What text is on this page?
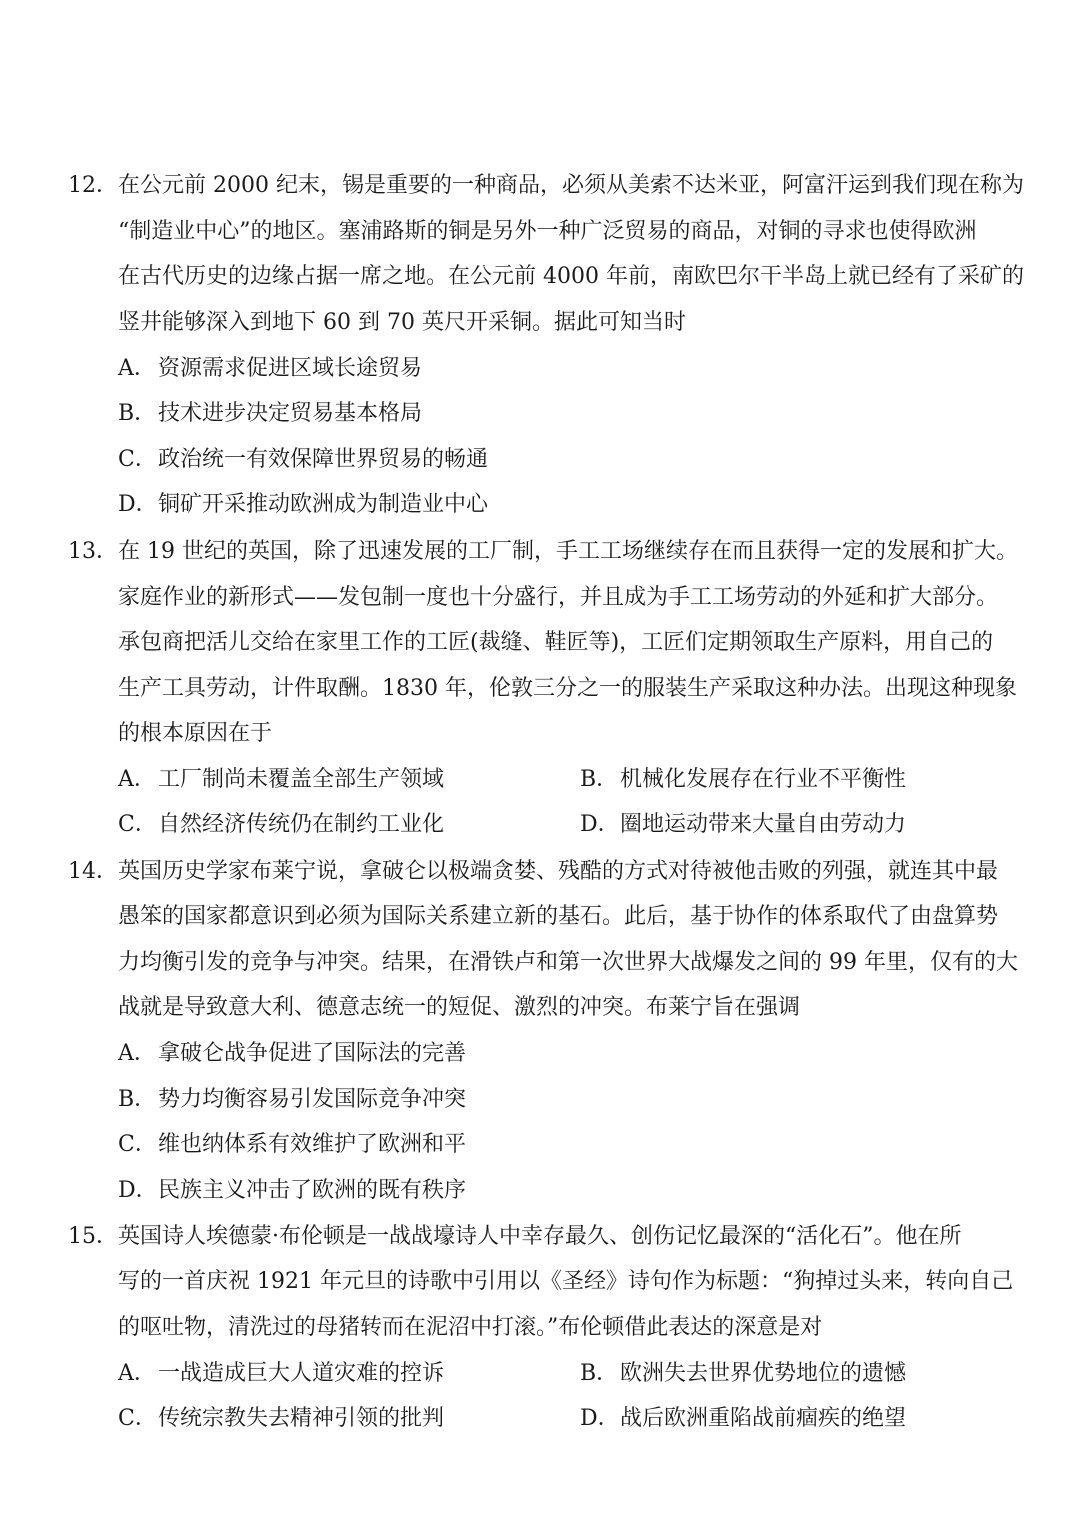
12． 在公元前 2000 纪末，锡是重要的一种商品，必须从美索不达米亚，阿富汗运到我们现在称为
“制造业中心”的地区。塞浦路斯的铜是另外一种广泛贸易的商品，对铜的寻求也使得欧洲
在古代历史的边缘占据一席之地。在公元前 4000 年前，南欧巴尔干半岛上就已经有了采矿的
竖井能够深入到地下 60 到 70 英尺开采铜。据此可知当时
A．资源需求促进区域长途贸易
B．技术进步决定贸易基本格局
C．政治统一有效保障世界贸易的畅通
D．铜矿开采推动欧洲成为制造业中心
13． 在 19 世纪的英国，除了迅速发展的工厂制，手工工场继续存在而且获得一定的发展和扩大。
家庭作业的新形式——发包制一度也十分盛行，并且成为手工工场劳动的外延和扩大部分。
承包商把活儿交给在家里工作的工匠(裁缝、鞋匠等)，工匠们定期领取生产原料，用自己的
生产工具劳动，计件取酬。1830 年，伦敦三分之一的服装生产采取这种办法。出现这种现象
的根本原因在于
A．工厂制尚未覆盖全部生产领域	B．机械化发展存在行业不平衡性
C．自然经济传统仍在制约工业化	D．圈地运动带来大量自由劳动力
14． 英国历史学家布莱宁说，拿破仑以极端贪婪、残酷的方式对待被他击败的列强，就连其中最
愚笨的国家都意识到必须为国际关系建立新的基石。此后，基于协作的体系取代了由盘算势
力均衡引发的竞争与冲突。结果，在滑铁卢和第一次世界大战爆发之间的 99 年里，仅有的大
战就是导致意大利、德意志统一的短促、激烈的冲突。布莱宁旨在强调
A．拿破仑战争促进了国际法的完善
B．势力均衡容易引发国际竞争冲突
C．维也纳体系有效维护了欧洲和平
D．民族主义冲击了欧洲的既有秩序
15． 英国诗人埃德蒙·布伦顿是一战战壕诗人中幸存最久、创伤记忆最深的“活化石”。他在所
写的一首庆祝 1921 年元旦的诗歌中引用以《圣经》诗句作为标题：“狗掉过头来，转向自己
的呕吐物，清洗过的母猪转而在泥沼中打滚。”布伦顿借此表达的深意是对
A．一战造成巨大人道灾难的控诉	B．欧洲失去世界优势地位的遗憾
C．传统宗教失去精神引领的批判	D．战后欧洲重陷战前痼疾的绝望
